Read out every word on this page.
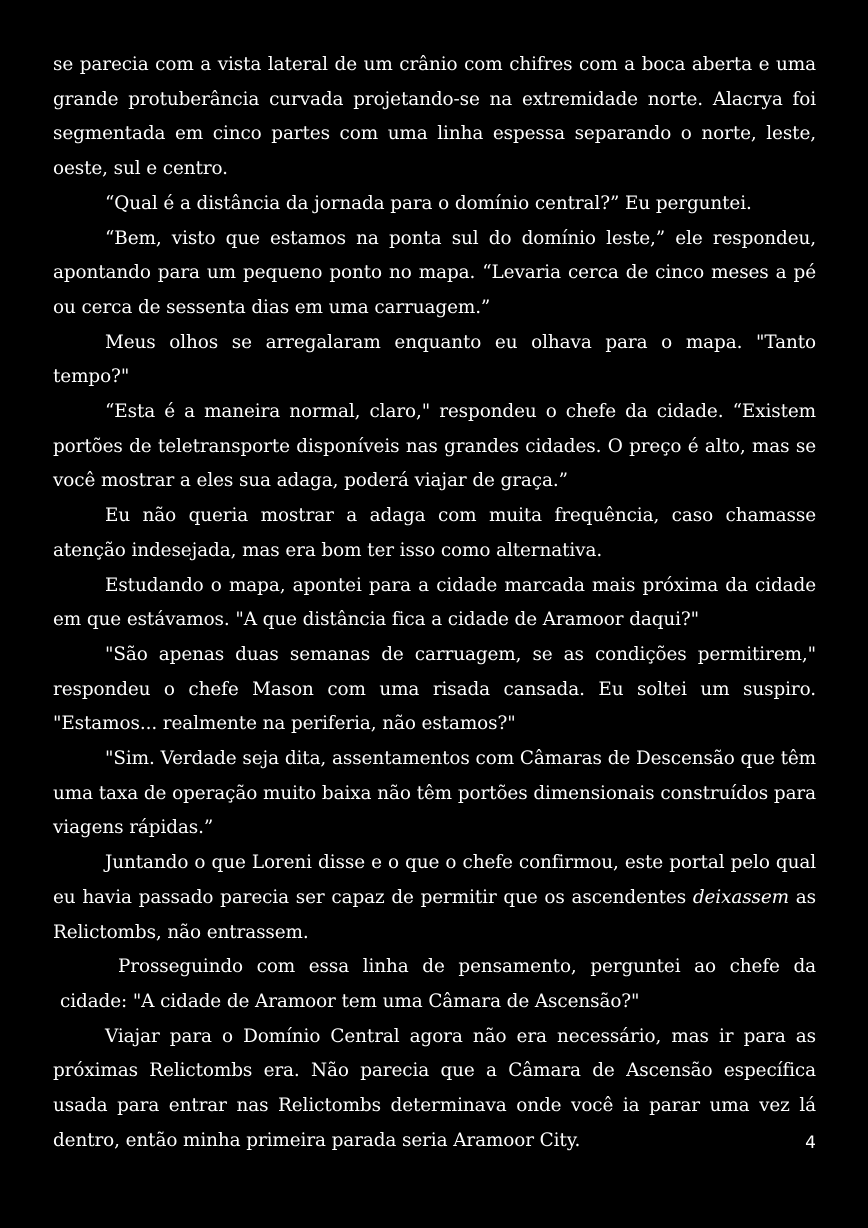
se parecia com a vista lateral de um crânio com chifres com a boca aberta e uma grande protuberância curvada projetando-se na extremidade norte. Alacrya foi segmentada em cinco partes com uma linha espessa separando o norte, leste, oeste, sul e centro.

“Qual é a distância da jornada para o domínio central?” Eu perguntei.

“Bem, visto que estamos na ponta sul do domínio leste,” ele respondeu, apontando para um pequeno ponto no mapa. “Levaria cerca de cinco meses a pé ou cerca de sessenta dias em uma carruagem.”

Meus olhos se arregalaram enquanto eu olhava para o mapa. "Tanto tempo?"

“Esta é a maneira normal, claro," respondeu o chefe da cidade. “Existem portões de teletransporte disponíveis nas grandes cidades. O preço é alto, mas se você mostrar a eles sua adaga, poderá viajar de graça.”

Eu não queria mostrar a adaga com muita frequência, caso chamasse atenção indesejada, mas era bom ter isso como alternativa.

Estudando o mapa, apontei para a cidade marcada mais próxima da cidade em que estávamos. "A que distância fica a cidade de Aramoor daqui?"

"São apenas duas semanas de carruagem, se as condições permitirem," respondeu o chefe Mason com uma risada cansada. Eu soltei um suspiro. "Estamos... realmente na periferia, não estamos?"

"Sim. Verdade seja dita, assentamentos com Câmaras de Descensão que têm uma taxa de operação muito baixa não têm portões dimensionais construídos para viagens rápidas.”

Juntando o que Loreni disse e o que o chefe confirmou, este portal pelo qual eu havia passado parecia ser capaz de permitir que os ascendentes deixassem as Relictombs, não entrassem.

Prosseguindo com essa linha de pensamento, perguntei ao chefe da cidade: "A cidade de Aramoor tem uma Câmara de Ascensão?"

Viajar para o Domínio Central agora não era necessário, mas ir para as próximas Relictombs era. Não parecia que a Câmara de Ascensão específica usada para entrar nas Relictombs determinava onde você ia parar uma vez lá dentro, então minha primeira parada seria Aramoor City.	4
